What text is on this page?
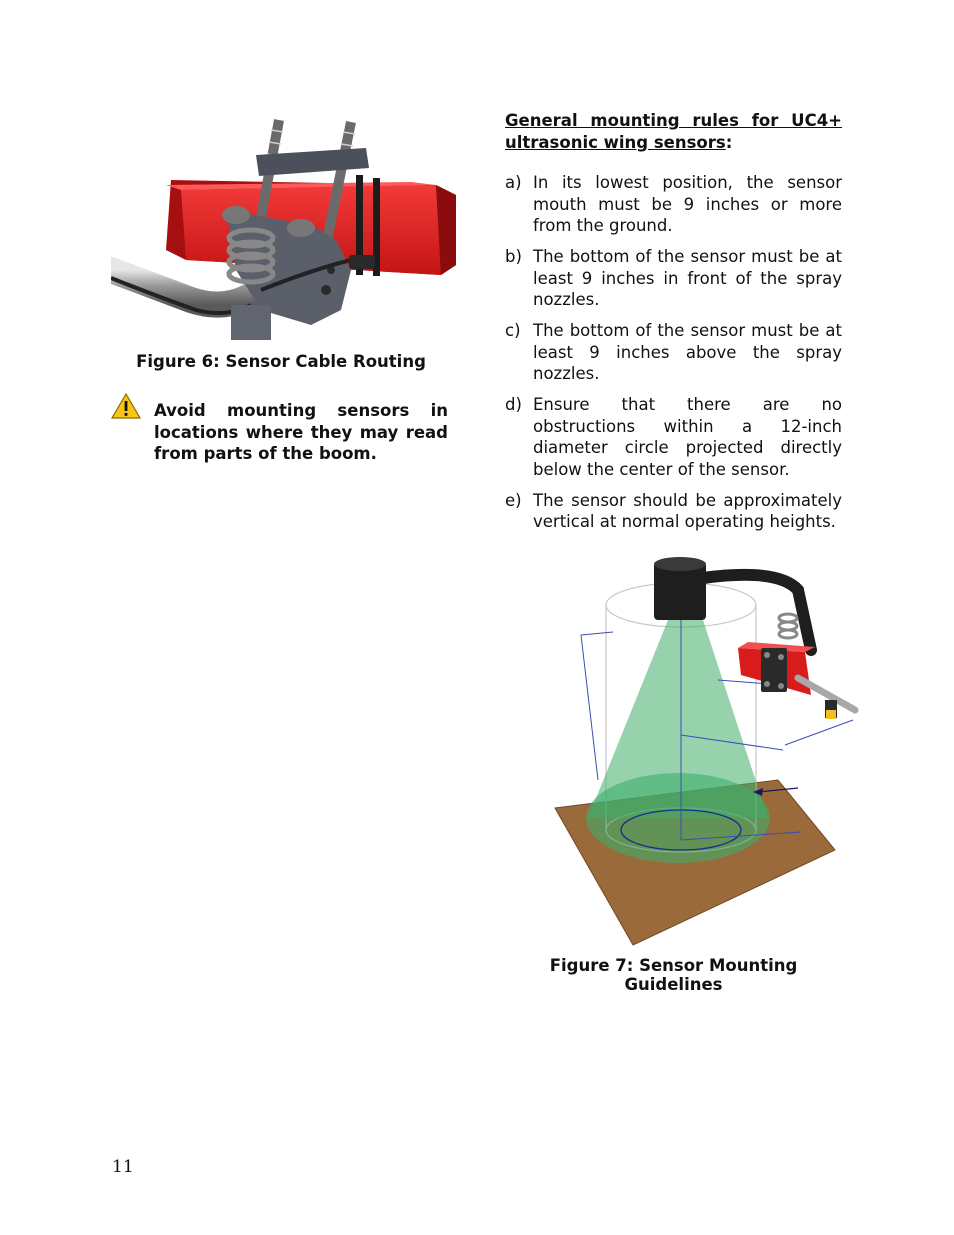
Figure 6: Sensor Cable Routing
Avoid mounting sensors in locations where they may read from parts of the boom.
General mounting rules for UC4+ ultrasonic wing sensors:
a) In its lowest position, the sensor mouth must be 9 inches or more from the ground.
b) The bottom of the sensor must be at least 9 inches in front of the spray nozzles.
c) The bottom of the sensor must be at least 9 inches above the spray nozzles.
d) Ensure that there are no obstructions within a 12-inch diameter circle projected directly below the center of the sensor.
e) The sensor should be approximately vertical at normal operating heights.
Figure 7: Sensor Mounting Guidelines
11
